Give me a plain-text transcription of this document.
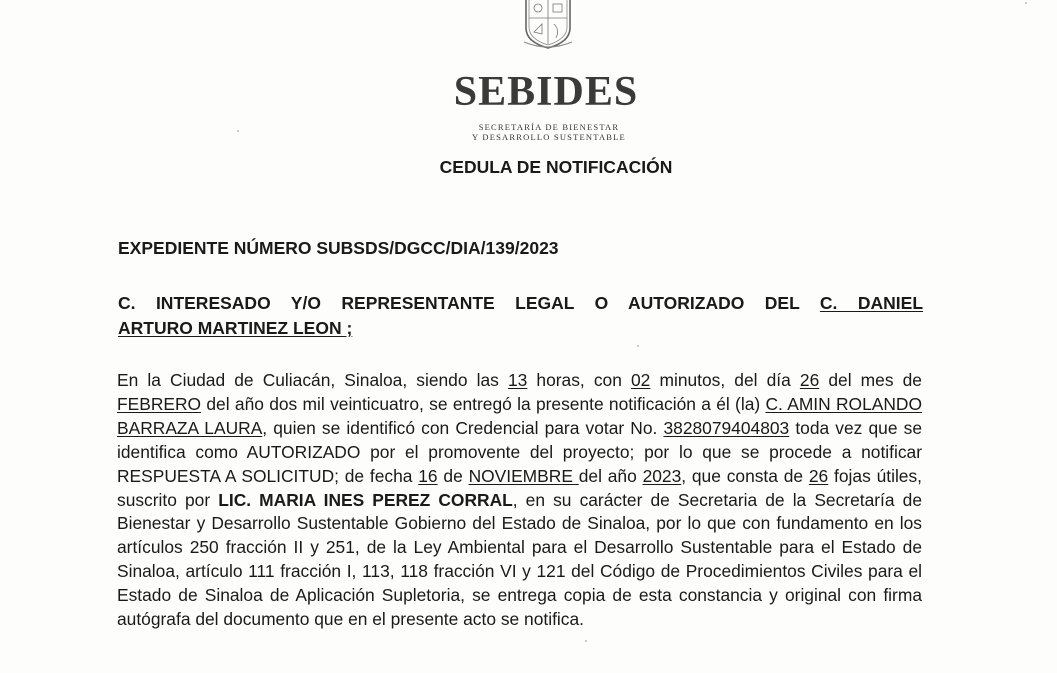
SEBIDES
SECRETARÍA DE BIENESTAR
Y DESARROLLO SUSTENTABLE
CEDULA DE NOTIFICACIÓN
EXPEDIENTE NÚMERO SUBSDS/DGCC/DIA/139/2023
C. INTERESADO Y/O REPRESENTANTE LEGAL O AUTORIZADO DEL C. DANIEL
ARTURO MARTINEZ LEON ;
En la Ciudad de Culiacán, Sinaloa, siendo las 13 horas, con 02 minutos, del día 26 del mes de FEBRERO del año dos mil veinticuatro, se entregó la presente notificación a él (la) C. AMIN ROLANDO BARRAZA LAURA, quien se identificó con Credencial para votar No. 3828079404803 toda vez que se identifica como AUTORIZADO por el promovente del proyecto; por lo que se procede a notificar RESPUESTA A SOLICITUD; de fecha 16 de NOVIEMBRE del año 2023, que consta de 26 fojas útiles, suscrito por LIC. MARIA INES PEREZ CORRAL, en su carácter de Secretaria de la Secretaría de Bienestar y Desarrollo Sustentable Gobierno del Estado de Sinaloa, por lo que con fundamento en los artículos 250 fracción II y 251, de la Ley Ambiental para el Desarrollo Sustentable para el Estado de Sinaloa, artículo 111 fracción I, 113, 118 fracción VI y 121 del Código de Procedimientos Civiles para el Estado de Sinaloa de Aplicación Supletoria, se entrega copia de esta constancia y original con firma autógrafa del documento que en el presente acto se notifica.
